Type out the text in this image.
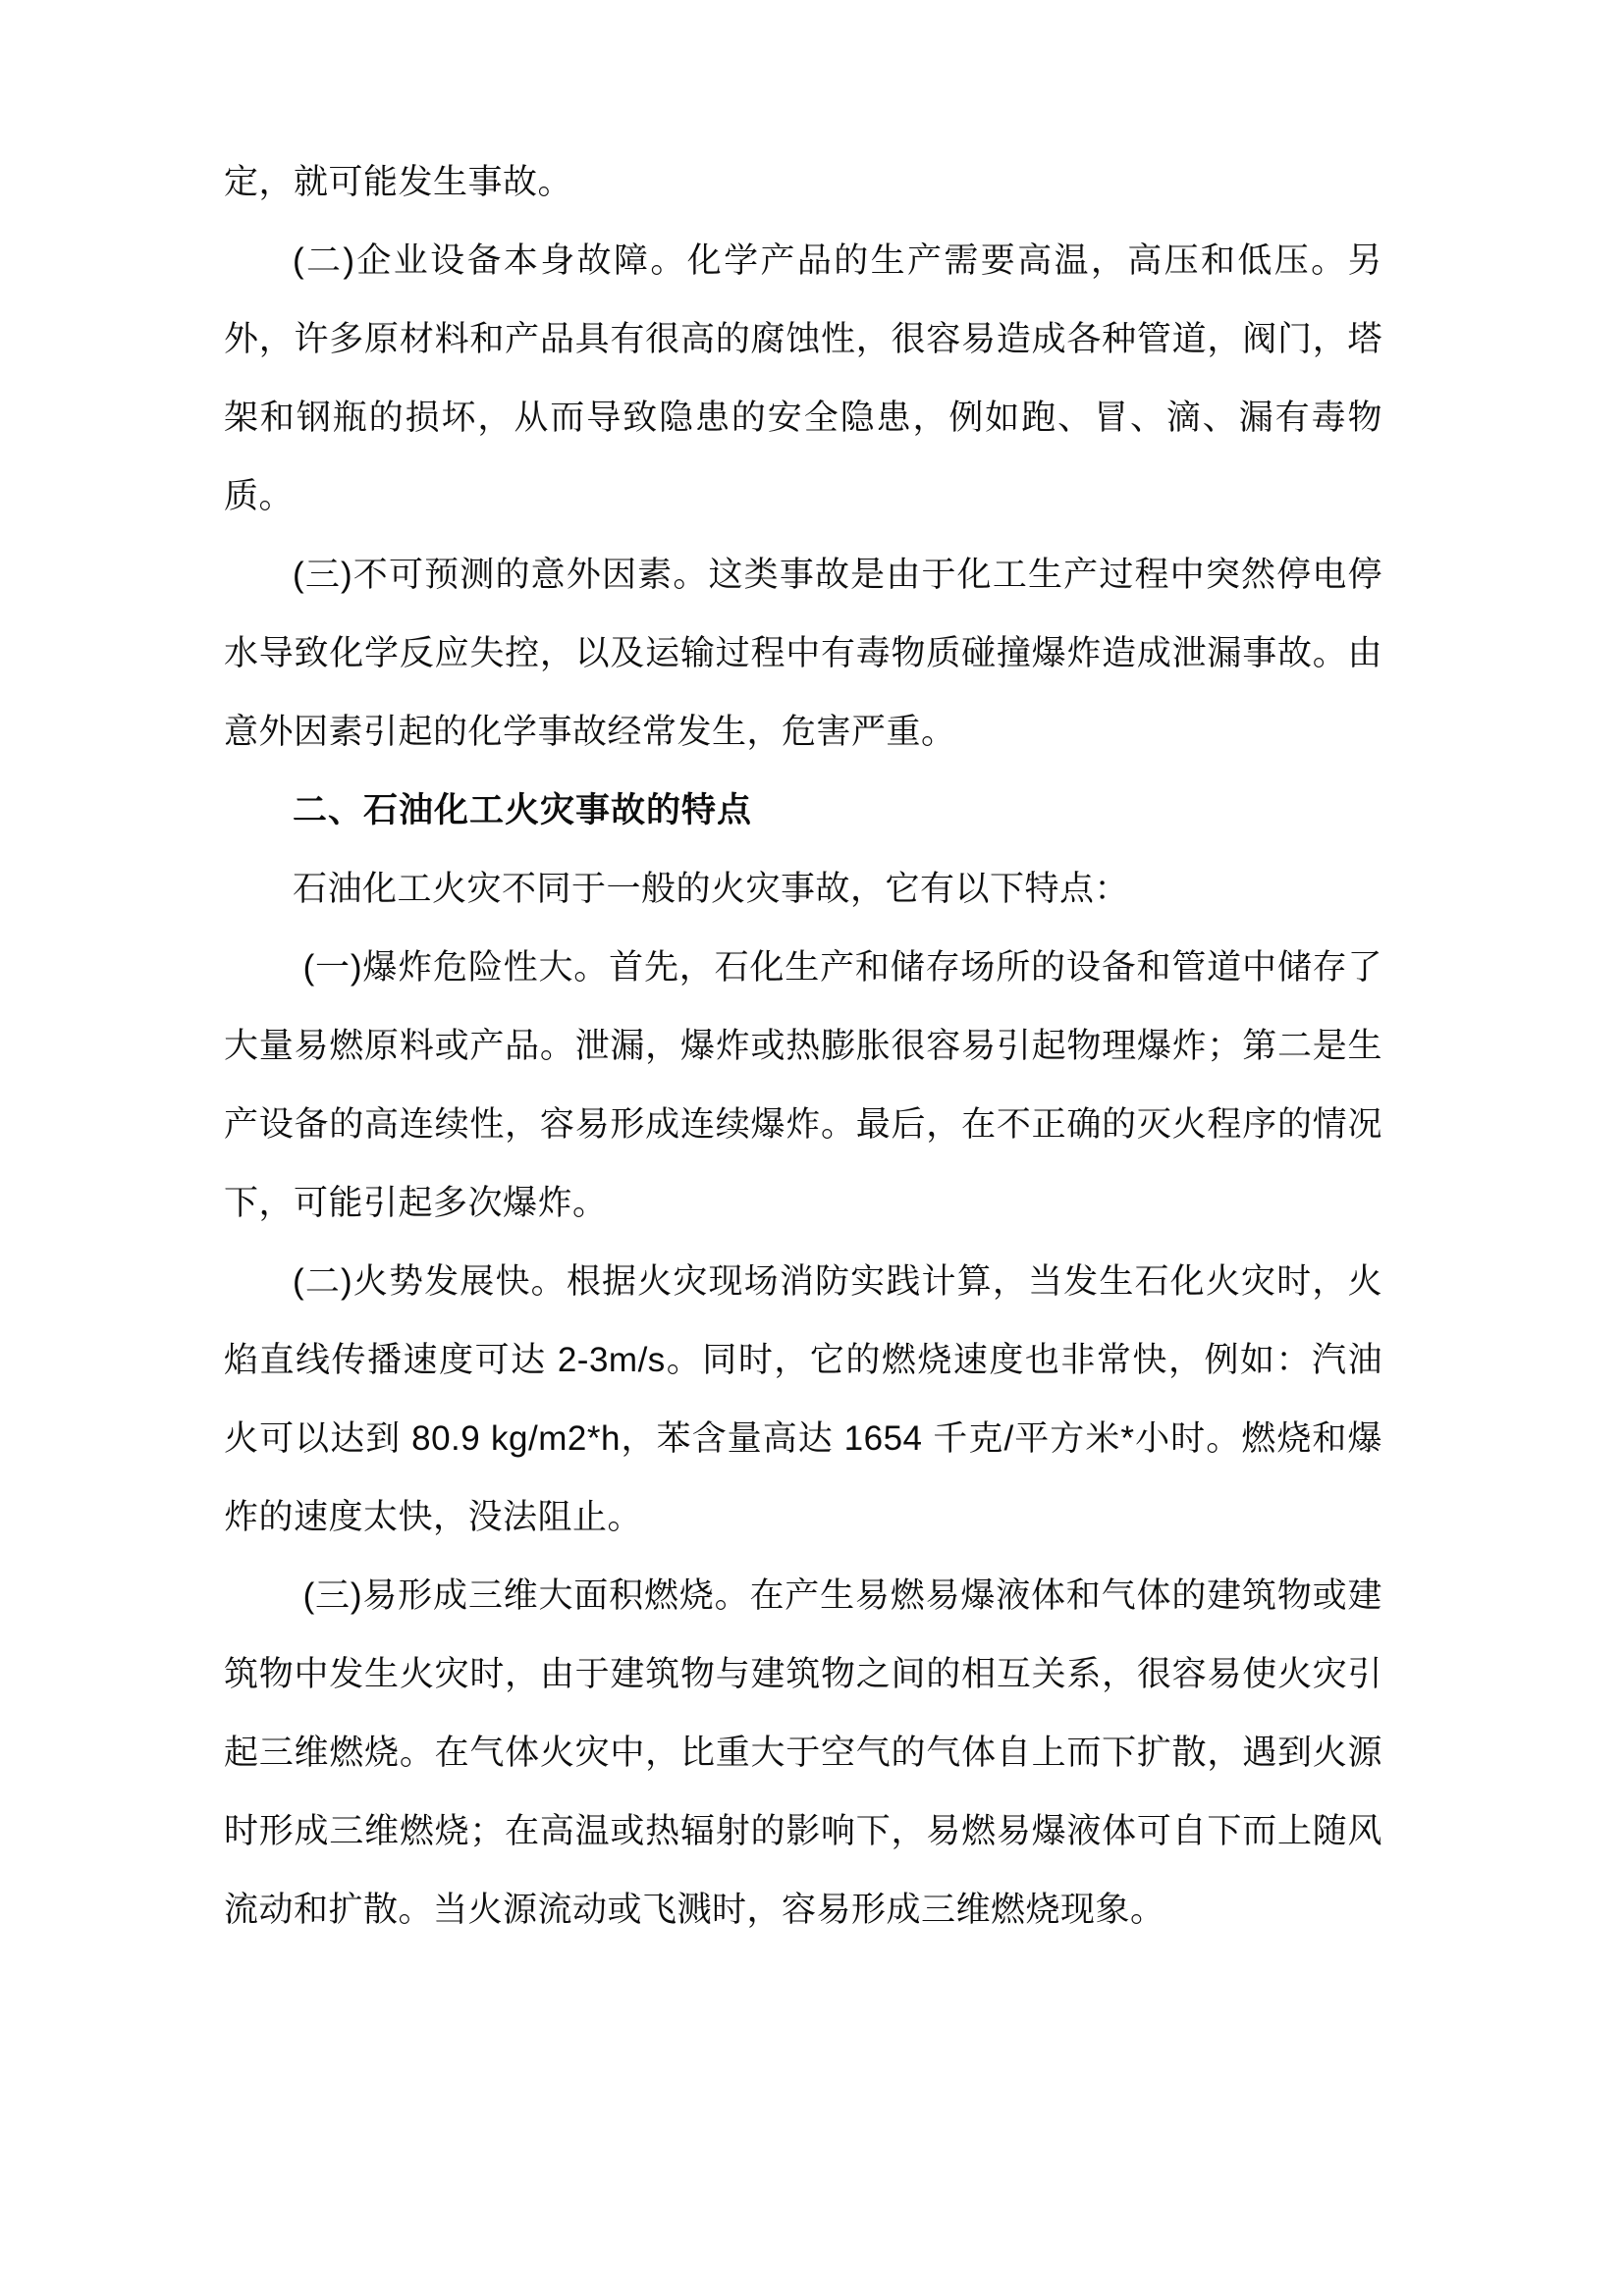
定，就可能发生事故。

(二)企业设备本身故障。化学产品的生产需要高温，高压和低压。另外，许多原材料和产品具有很高的腐蚀性，很容易造成各种管道，阀门，塔架和钢瓶的损坏，从而导致隐患的安全隐患，例如跑、冒、滴、漏有毒物质。

(三)不可预测的意外因素。这类事故是由于化工生产过程中突然停电停水导致化学反应失控，以及运输过程中有毒物质碰撞爆炸造成泄漏事故。由意外因素引起的化学事故经常发生，危害严重。

二、石油化工火灾事故的特点

石油化工火灾不同于一般的火灾事故，它有以下特点：

(一)爆炸危险性大。首先，石化生产和储存场所的设备和管道中储存了大量易燃原料或产品。泄漏，爆炸或热膨胀很容易引起物理爆炸；第二是生产设备的高连续性，容易形成连续爆炸。最后，在不正确的灭火程序的情况下，可能引起多次爆炸。

(二)火势发展快。根据火灾现场消防实践计算，当发生石化火灾时，火焰直线传播速度可达 2-3m/s。同时，它的燃烧速度也非常快，例如：汽油火可以达到 80.9 kg/m2*h，苯含量高达 1654 千克/平方米*小时。燃烧和爆炸的速度太快，没法阻止。

(三)易形成三维大面积燃烧。在产生易燃易爆液体和气体的建筑物或建筑物中发生火灾时，由于建筑物与建筑物之间的相互关系，很容易使火灾引起三维燃烧。在气体火灾中，比重大于空气的气体自上而下扩散，遇到火源时形成三维燃烧；在高温或热辐射的影响下，易燃易爆液体可自下而上随风流动和扩散。当火源流动或飞溅时，容易形成三维燃烧现象。
